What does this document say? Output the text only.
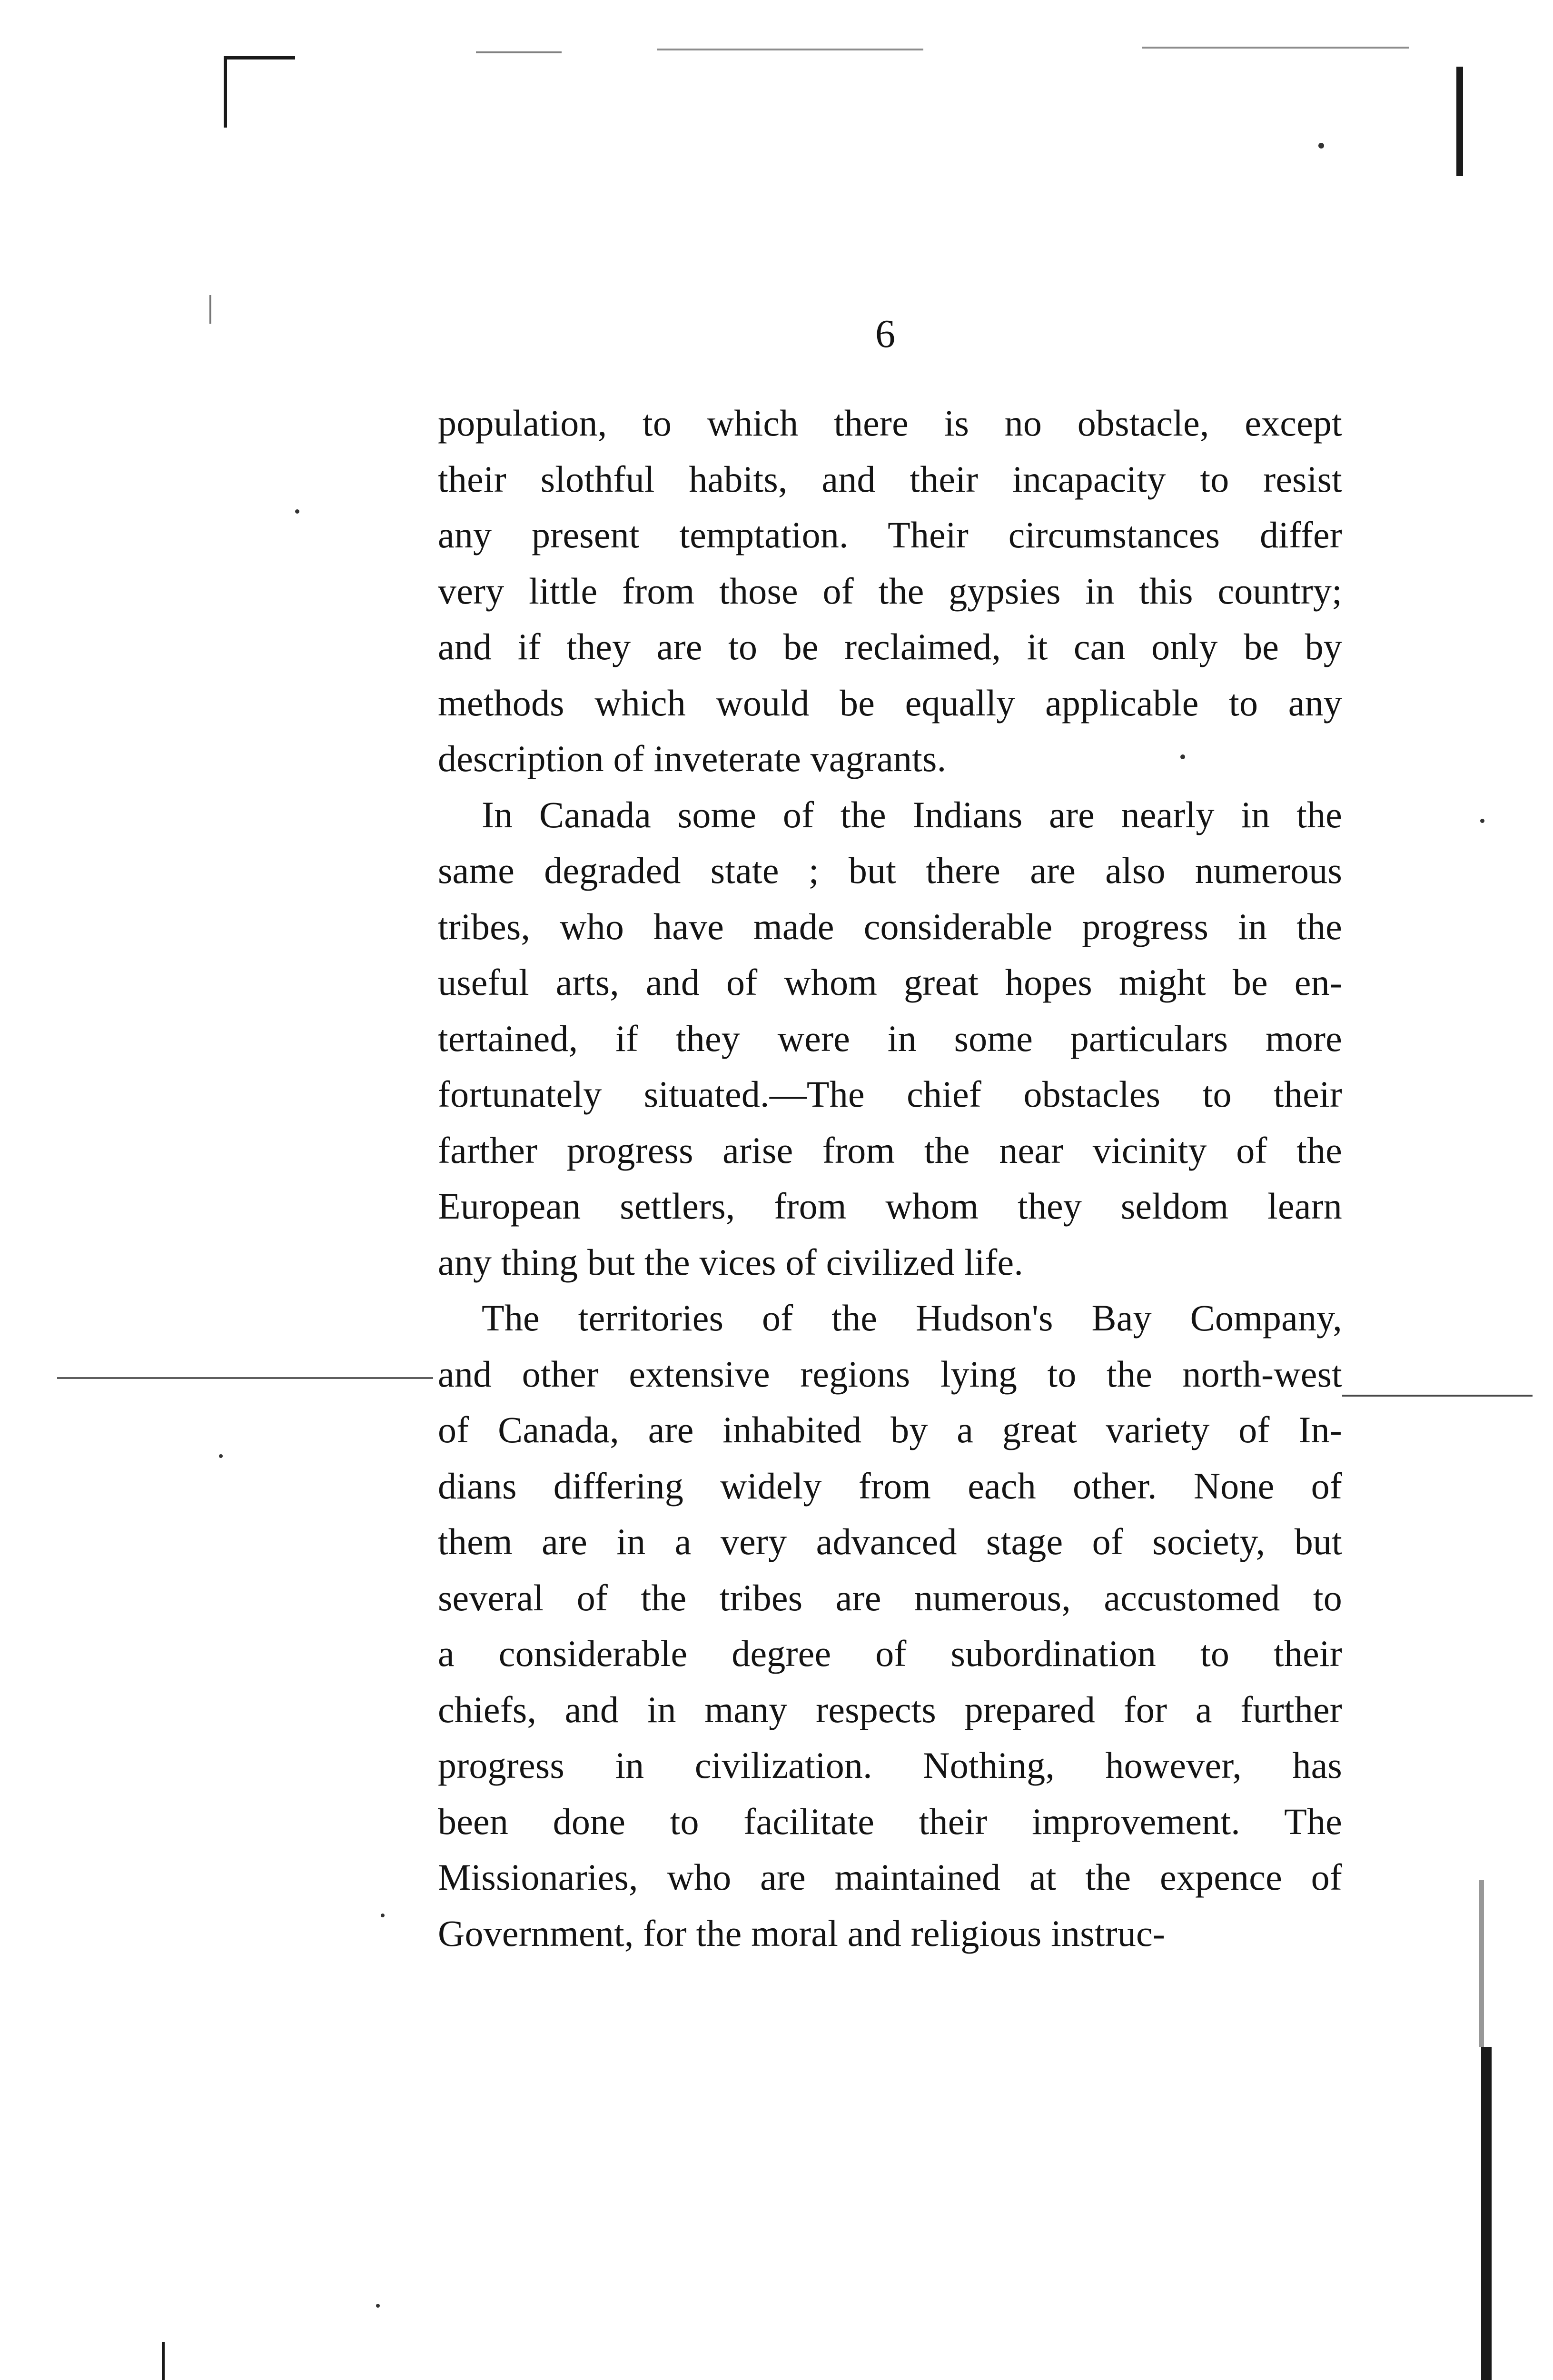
6
population, to which there is no obstacle, except
their slothful habits, and their incapacity to resist
any present temptation. Their circumstances differ
very little from those of the gypsies in this country;
and if they are to be reclaimed, it can only be by
methods which would be equally applicable to any
description of inveterate vagrants.
In Canada some of the Indians are nearly in the
same degraded state ; but there are also numerous
tribes, who have made considerable progress in the
useful arts, and of whom great hopes might be en-
tertained, if they were in some particulars more
fortunately situated.—The chief obstacles to their
farther progress arise from the near vicinity of the
European settlers, from whom they seldom learn
any thing but the vices of civilized life.
The territories of the Hudson's Bay Company,
and other extensive regions lying to the north-west
of Canada, are inhabited by a great variety of In-
dians differing widely from each other. None of
them are in a very advanced stage of society, but
several of the tribes are numerous, accustomed to
a considerable degree of subordination to their
chiefs, and in many respects prepared for a further
progress in civilization. Nothing, however, has
been done to facilitate their improvement. The
Missionaries, who are maintained at the expence of
Government, for the moral and religious instruc-
